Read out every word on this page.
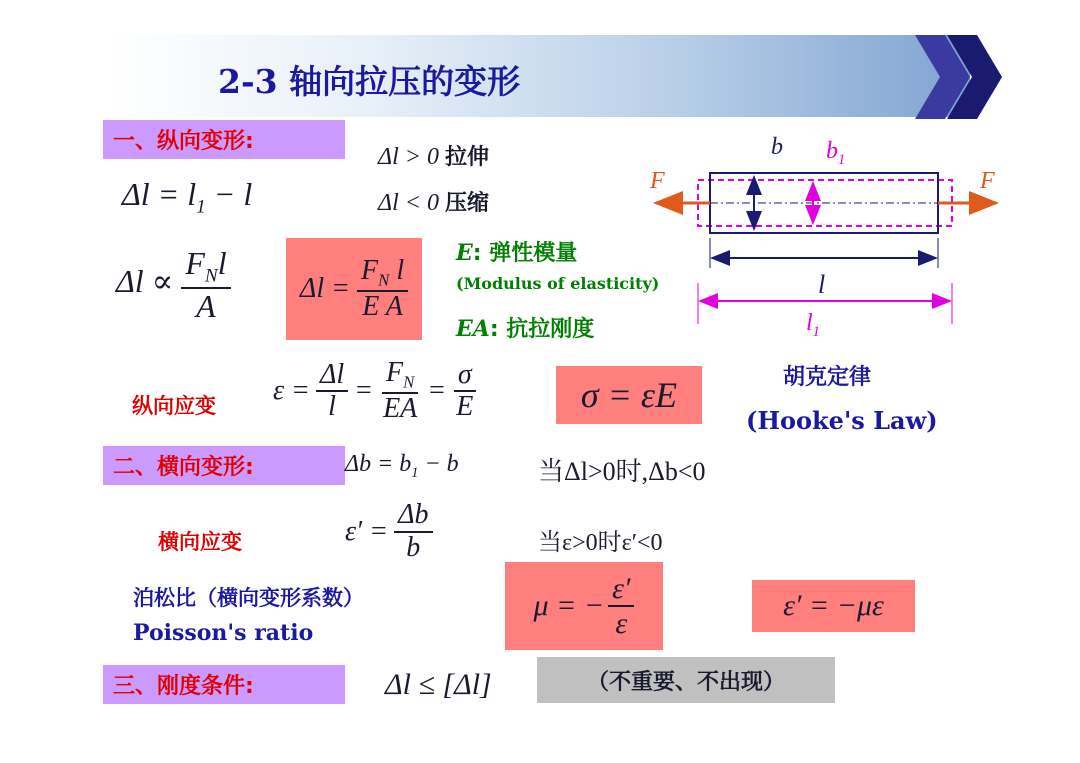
2-3 轴向拉压的变形
一、纵向变形:
$\Delta l = l_1 - l$
Δl > 0 拉伸
Δl < 0 压缩
$\Delta l \propto \frac{F_Nl}{A}$ Δl =
$\frac{F_N l}{\text{E A}}$
E: 弹性模量
(Modulus of elasticity)
EA: 抗拉刚度
b $b_1$
F	F
l
$l_1$
纵向应变 $\varepsilon = \frac{\Delta l}{l} = \frac{F_N}{EA} = \frac{\sigma}{E}$	σ = εE	胡克定律
(Hooke's Law)
二、横向变形:	$\Delta b = b_1 - b$	当Δl>0时,Δb<0
横向应变	$\varepsilon' = \frac{\Delta b}{b}$	当ε>0时ε′<0
泊松比（横向变形系数）
Poisson's ratio
μ = − $\frac{\varepsilon'}{\varepsilon}$	ε′ = −με
三、刚度条件:	Δl ≤ [Δl]	（不重要、不出现）
